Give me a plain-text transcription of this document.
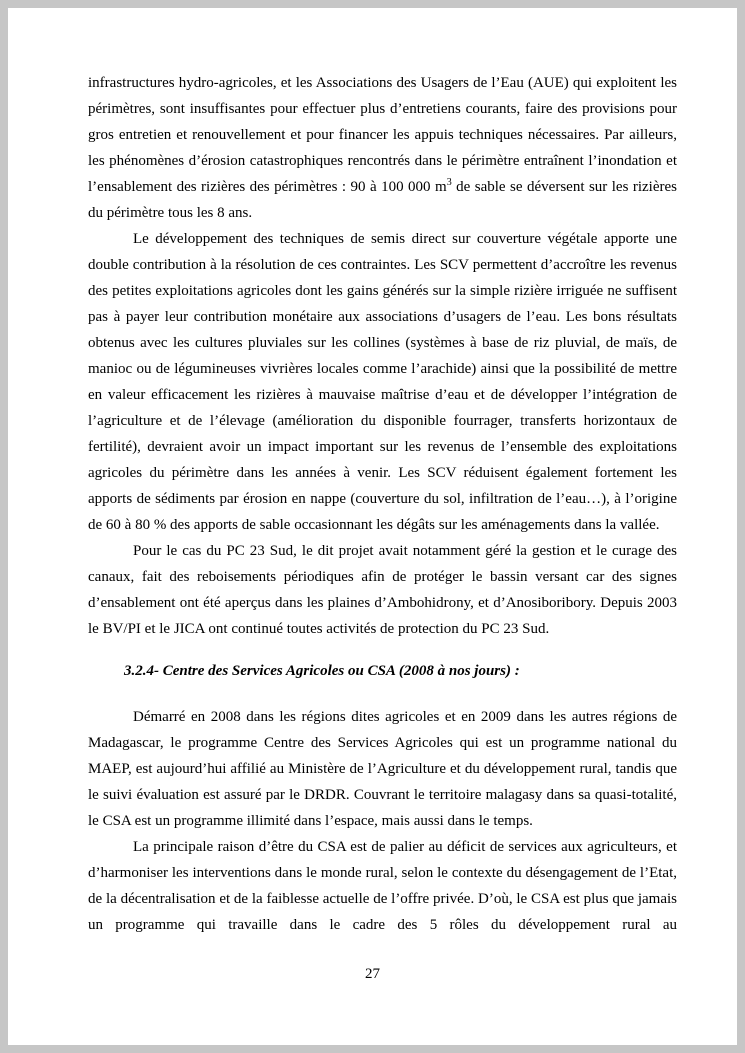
infrastructures hydro-agricoles, et les Associations des Usagers de l’Eau (AUE) qui exploitent les périmètres, sont insuffisantes pour effectuer plus d’entretiens courants, faire des provisions pour gros entretien et renouvellement et pour financer les appuis techniques nécessaires. Par ailleurs, les phénomènes d’érosion catastrophiques rencontrés dans le périmètre entraînent l’inondation et l’ensablement des rizières des périmètres : 90 à 100 000 $m^3$ de sable se déversent sur les rizières du périmètre tous les 8 ans.

Le développement des techniques de semis direct sur couverture végétale apporte une double contribution à la résolution de ces contraintes. Les SCV permettent d’accroître les revenus des petites exploitations agricoles dont les gains générés sur la simple rizière irriguée ne suffisent pas à payer leur contribution monétaire aux associations d’usagers de l’eau. Les bons résultats obtenus avec les cultures pluviales sur les collines (systèmes à base de riz pluvial, de maïs, de manioc ou de légumineuses vivrières locales comme l’arachide) ainsi que la possibilité de mettre en valeur efficacement les rizières à mauvaise maîtrise d’eau et de développer l’intégration de l’agriculture et de l’élevage (amélioration du disponible fourrager, transferts horizontaux de fertilité), devraient avoir un impact important sur les revenus de l’ensemble des exploitations agricoles du périmètre dans les années à venir. Les SCV réduisent également fortement les apports de sédiments par érosion en nappe (couverture du sol, infiltration de l’eau…), à l’origine de 60 à 80 % des apports de sable occasionnant les dégâts sur les aménagements dans la vallée.

Pour le cas du PC 23 Sud, le dit projet avait notamment géré la gestion et le curage des canaux, fait des reboisements périodiques afin de protéger le bassin versant car des signes d’ensablement ont été aperçus dans les plaines d’Ambohidrony, et d’Anosiboribory. Depuis 2003 le BV/PI et le JICA ont continué toutes activités de protection du PC 23 Sud.

3.2.4- Centre des Services Agricoles ou CSA (2008 à nos jours) :

Démarré en 2008 dans les régions dites agricoles et en 2009 dans les autres régions de Madagascar, le programme Centre des Services Agricoles qui est un programme national du MAEP, est aujourd’hui affilié au Ministère de l’Agriculture et du développement rural, tandis que le suivi évaluation est assuré par le DRDR. Couvrant le territoire malagasy dans sa quasi-totalité, le CSA est un programme illimité dans l’espace, mais aussi dans le temps.

La principale raison d’être du CSA est de palier au déficit de services aux agriculteurs, et d’harmoniser les interventions dans le monde rural, selon le contexte du désengagement de l’Etat, de la décentralisation et de la faiblesse actuelle de l’offre privée. D’où, le CSA est plus que jamais un programme qui travaille dans le cadre des 5 rôles du développement rural au

27
